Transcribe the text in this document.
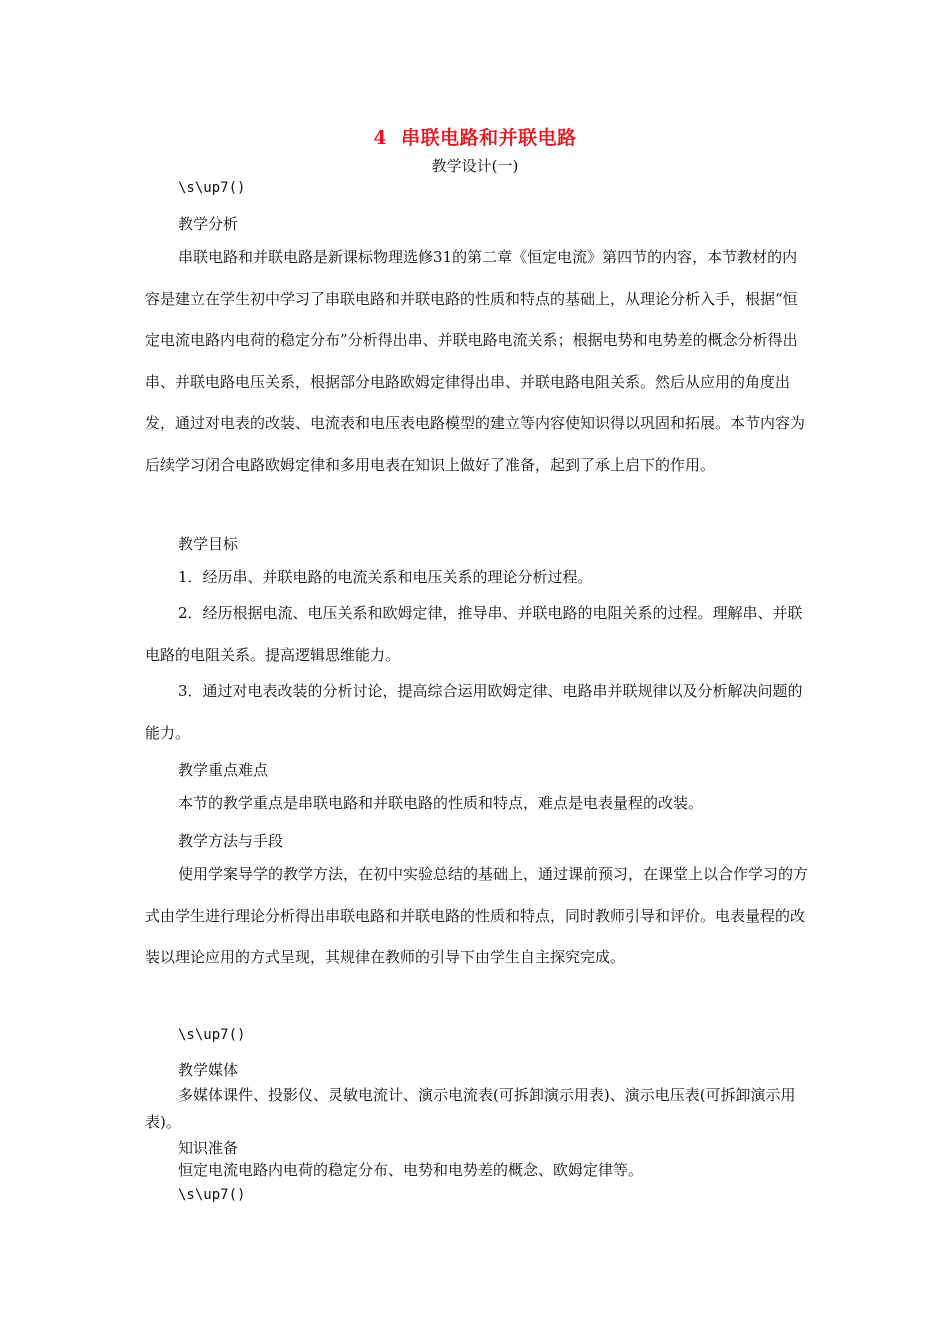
4 串联电路和并联电路
教学设计(一)
\s\up7()
教学分析

串联电路和并联电路是新课标物理选修31的第二章《恒定电流》第四节的内容，本节教材的内容是建立在学生初中学习了串联电路和并联电路的性质和特点的基础上，从理论分析入手，根据“恒定电流电路内电荷的稳定分布”分析得出串、并联电路电流关系；根据电势和电势差的概念分析得出串、并联电路电压关系，根据部分电路欧姆定律得出串、并联电路电阻关系。然后从应用的角度出发，通过对电表的改装、电流表和电压表电路模型的建立等内容使知识得以巩固和拓展。本节内容为后续学习闭合电路欧姆定律和多用电表在知识上做好了准备，起到了承上启下的作用。

教学目标

1．经历串、并联电路的电流关系和电压关系的理论分析过程。

2．经历根据电流、电压关系和欧姆定律，推导串、并联电路的电阻关系的过程。理解串、并联电路的电阻关系。提高逻辑思维能力。

3．通过对电表改装的分析讨论，提高综合运用欧姆定律、电路串并联规律以及分析解决问题的能力。

教学重点难点

本节的教学重点是串联电路和并联电路的性质和特点，难点是电表量程的改装。

教学方法与手段

使用学案导学的教学方法，在初中实验总结的基础上，通过课前预习，在课堂上以合作学习的方式由学生进行理论分析得出串联电路和并联电路的性质和特点，同时教师引导和评价。电表量程的改装以理论应用的方式呈现，其规律在教师的引导下由学生自主探究完成。

\s\up7()
教学媒体

多媒体课件、投影仪、灵敏电流计、演示电流表(可拆卸演示用表)、演示电压表(可拆卸演示用表)。

知识准备

恒定电流电路内电荷的稳定分布、电势和电势差的概念、欧姆定律等。

\s\up7()
